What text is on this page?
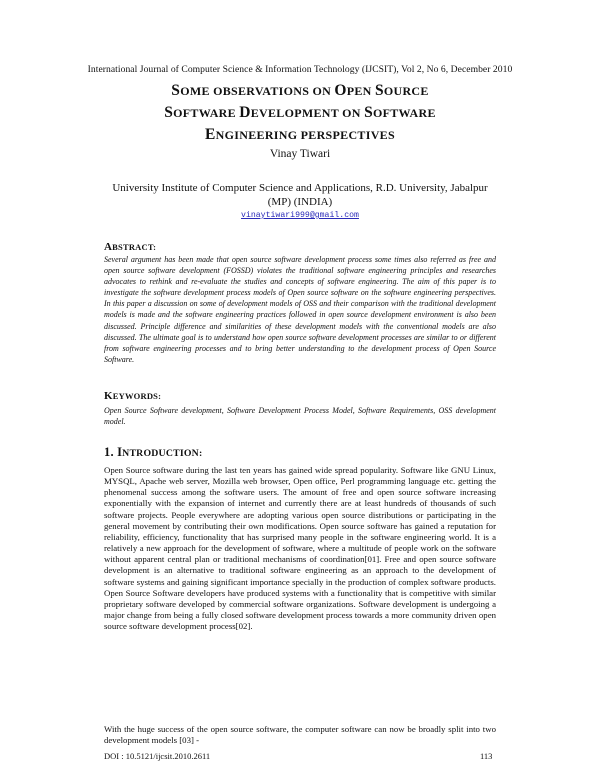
International Journal of Computer Science & Information Technology (IJCSIT), Vol 2, No 6, December 2010
SOME OBSERVATIONS ON OPEN SOURCE
SOFTWARE DEVELOPMENT ON SOFTWARE
ENGINEERING PERSPECTIVES
Vinay Tiwari
University Institute of Computer Science and Applications, R.D. University, Jabalpur
(MP) (INDIA)
vinaytiwari999@gmail.com
ABSTRACT:
Several argument has been made that open source software development process some times also referred as free and open source software development (FOSSD) violates the traditional software engineering principles and researches advocates to rethink and re-evaluate the studies and concepts of software engineering. The aim of this paper is to investigate the software development process models of Open source software on the software engineering perspectives. In this paper a discussion on some of development models of OSS and their comparison with the traditional development models is made and the software engineering practices followed in open source development environment is also been discussed. Principle difference and similarities of these development models with the conventional models are also discussed. The ultimate goal is to understand how open source software development processes are similar to or different from software engineering processes and to bring better understanding to the development process of Open Source Software.
KEYWORDS:
Open Source Software development, Software Development Process Model, Software Requirements, OSS development model.
1. INTRODUCTION:
Open Source software during the last ten years has gained wide spread popularity. Software like GNU Linux, MYSQL, Apache web server, Mozilla web browser, Open office, Perl programming language etc. getting the phenomenal success among the software users. The amount of free and open source software increasing exponentially with the expansion of internet and currently there are at least hundreds of thousands of such software projects. People everywhere are adopting various open source distributions or participating in the general movement by contributing their own modifications. Open source software has gained a reputation for reliability, efficiency, functionality that has surprised many people in the software engineering world. It is a relatively a new approach for the development of software, where a multitude of people work on the software without apparent central plan or traditional mechanisms of coordination[01]. Free and open source software development is an alternative to traditional software engineering as an approach to the development of software systems and gaining significant importance specially in the production of complex software products. Open Source Software developers have produced systems with a functionality that is competitive with similar proprietary software developed by commercial software organizations. Software development is undergoing a major change from being a fully closed software development process towards a more community driven open source software development process[02].
With the huge success of the open source software, the computer software can now be broadly split into two development models [03] -
DOI : 10.5121/ijcsit.2010.2611	113
